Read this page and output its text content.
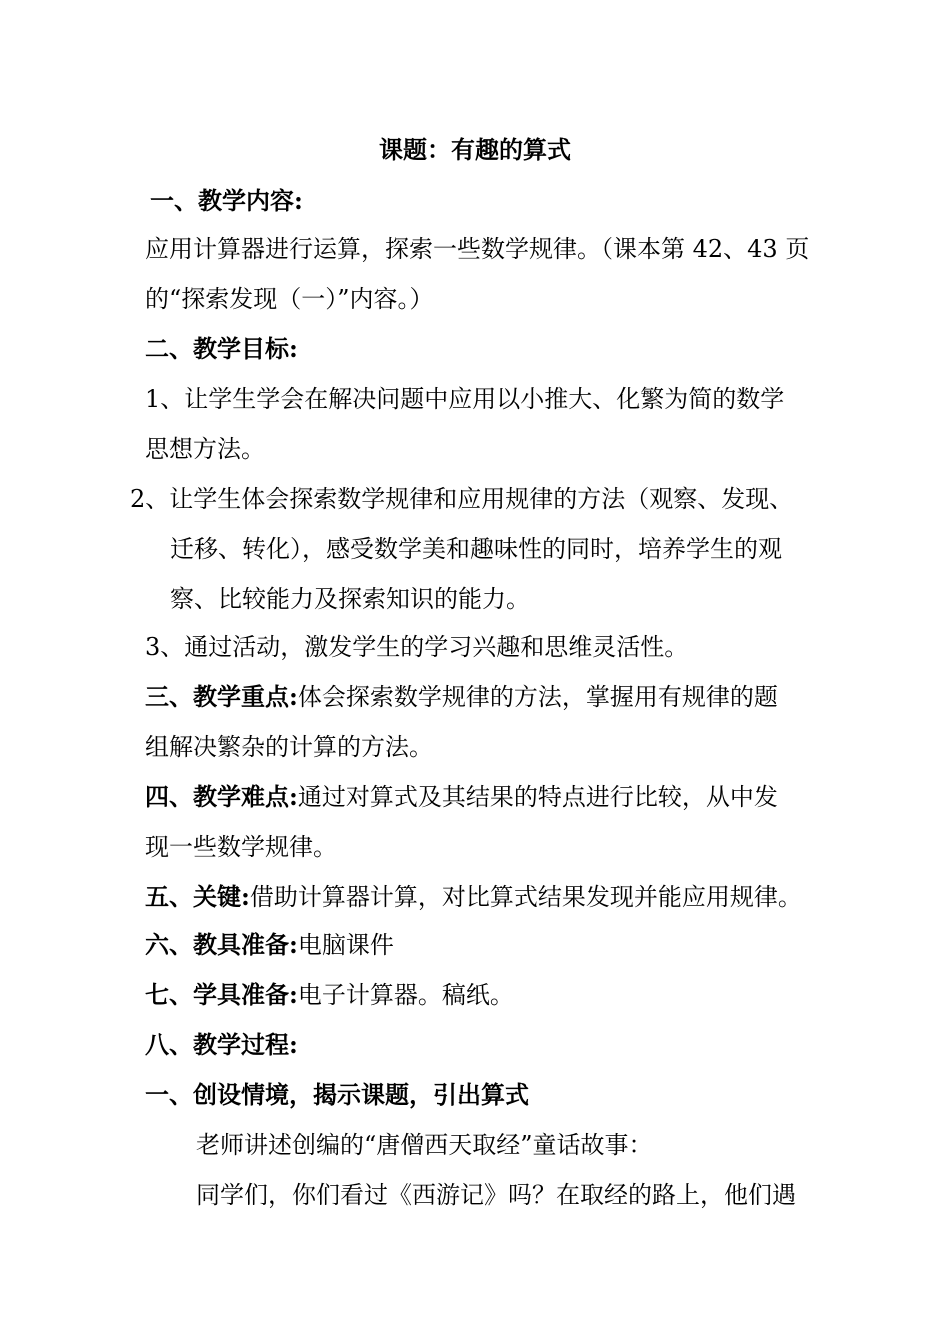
课题：有趣的算式
一、教学内容:
应用计算器进行运算，探索一些数学规律。（课本第 42、43 页
的“探索发现（一）”内容。）
二、教学目标:
1、让学生学会在解决问题中应用以小推大、化繁为简的数学
思想方法。
2、让学生体会探索数学规律和应用规律的方法（观察、发现、
迁移、转化），感受数学美和趣味性的同时，培养学生的观
察、比较能力及探索知识的能力。
3、通过活动，激发学生的学习兴趣和思维灵活性。
三、教学重点:体会探索数学规律的方法，掌握用有规律的题
组解决繁杂的计算的方法。
四、教学难点:通过对算式及其结果的特点进行比较，从中发
现一些数学规律。
五、关键:借助计算器计算，对比算式结果发现并能应用规律。
六、教具准备:电脑课件
七、学具准备:电子计算器。稿纸。
八、教学过程:
一、创设情境，揭示课题，引出算式
老师讲述创编的“唐僧西天取经”童话故事：
同学们，你们看过《西游记》吗？在取经的路上，他们遇
